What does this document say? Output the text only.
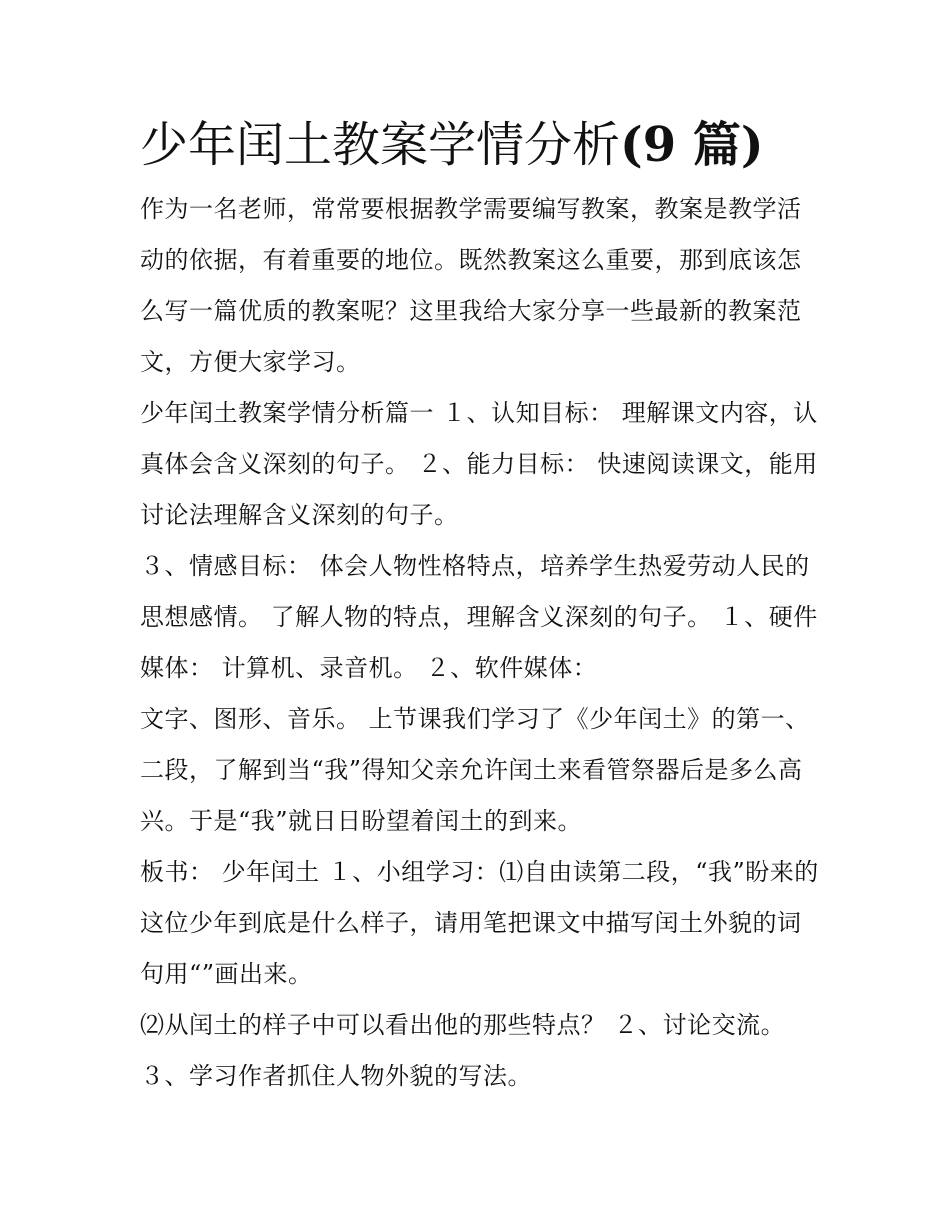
少年闰土教案学情分析(9 篇)

作为一名老师，常常要根据教学需要编写教案，教案是教学活动的依据，有着重要的地位。既然教案这么重要，那到底该怎么写一篇优质的教案呢？这里我给大家分享一些最新的教案范文，方便大家学习。

少年闰土教案学情分析篇一 １、认知目标： 理解课文内容，认真体会含义深刻的句子。 ２、能力目标： 快速阅读课文，能用讨论法理解含义深刻的句子。

３、情感目标： 体会人物性格特点，培养学生热爱劳动人民的思想感情。 了解人物的特点，理解含义深刻的句子。 １、硬件媒体： 计算机、录音机。 ２、软件媒体：

文字、图形、音乐。 上节课我们学习了《少年闰土》的第一、二段，了解到当“我”得知父亲允许闰土来看管祭器后是多么高兴。于是“我”就日日盼望着闰土的到来。

板书： 少年闰土 １、小组学习：⑴自由读第二段，“我”盼来的这位少年到底是什么样子，请用笔把课文中描写闰土外貌的词句用“”画出来。

⑵从闰土的样子中可以看出他的那些特点？ ２、讨论交流。

３、学习作者抓住人物外貌的写法。
